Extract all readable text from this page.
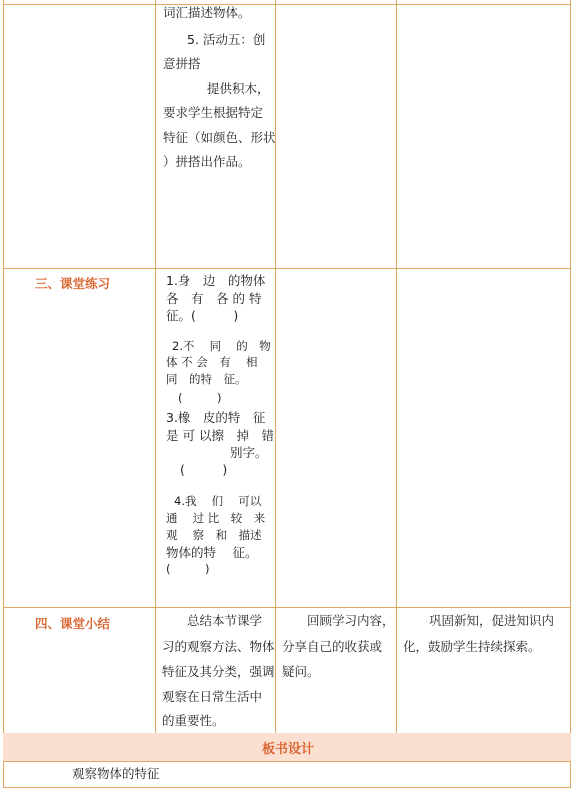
词汇描述物体。
5. 活动五：创
意拼搭
提供积木，
要求学生根据特定
特征（如颜色、形状
）拼搭出作品。
三、课堂练习	1.身　边　的物体
各　有　各 的 特
征。(　　　)
2.不　 同　 的　物
体 不 会　有　 相
同　的特　征。
(　　　)
3.橡　皮的特　征
是 可 以擦　掉　错
别字。
(　　　)
4.我　 们　 可以
通　 过 比　较　来
观　 察　和　描述
物体的特　 征。
(　　　)
四、课堂小结	总结本节课学
习的观察方法、物体
特征及其分类，强调
观察在日常生活中
的重要性。
回顾学习内容，
分享自己的收获或
疑问。
巩固新知，促进知识内
化，鼓励学生持续探索。
板书设计
观察物体的特征
